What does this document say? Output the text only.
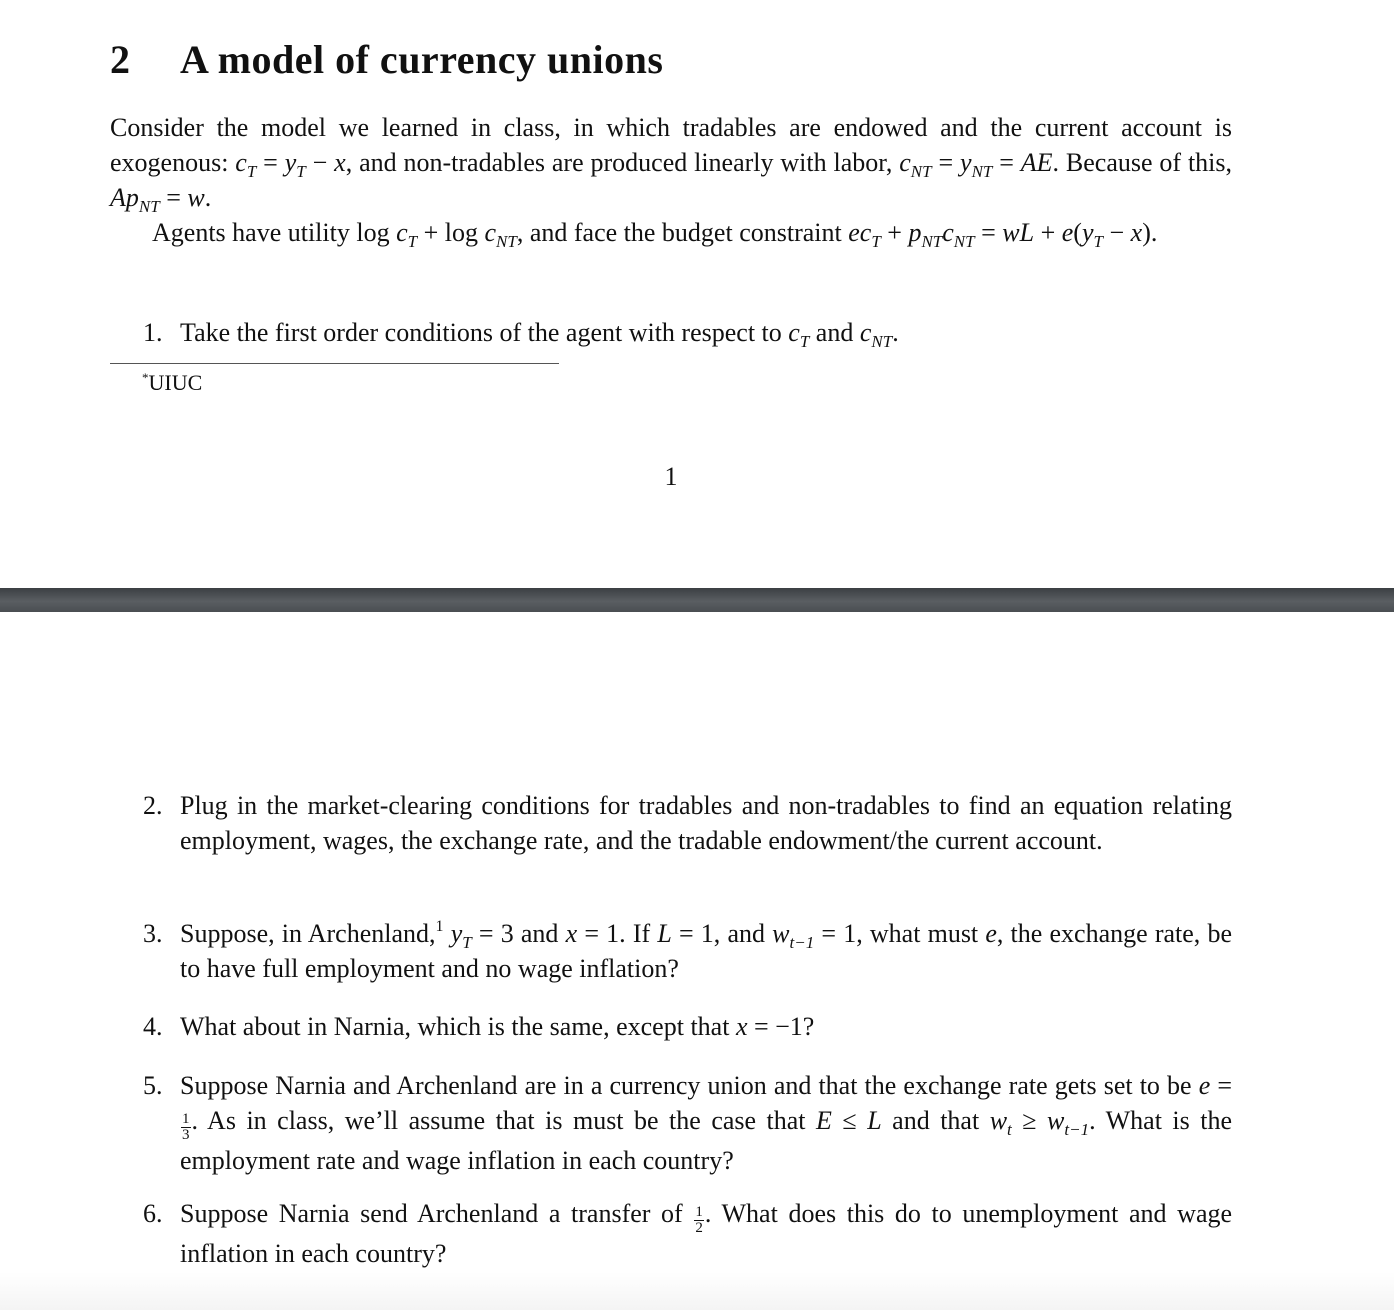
2 A model of currency unions

Consider the model we learned in class, in which tradables are endowed and the current account is exogenous: $c_T = y_T - x$, and non-tradables are produced linearly with labor, $c_{NT} = y_{NT}$ = AE. Because of this, $Ap_{NT} = w$.

Agents have utility $\log c_T + \log c_{NT}$, and face the budget constraint $ec_T + p_{NT}c_{NT}$ = wL + $e(y_T - x)$.

1. Take the first order conditions of the agent with respect to $c_T$ and $c_{NT}$.
*UIUC
1
2. Plug in the market-clearing conditions for tradables and non-tradables to find an equation relating employment, wages, the exchange rate, and the tradable endowment/the current account.
3. Suppose, in Archenland,$^1$ $y_T = 3$ and x = 1. If L = 1, and $w_{t-1} = 1$, what must e, the exchange rate, be to have full employment and no wage inflation?
4. What about in Narnia, which is the same, except that x = −1?
5. Suppose Narnia and Archenland are in a currency union and that the exchange rate gets set to be e =
$\frac{1}{3}$ . As in class, we’ll assume that is must be the case that E ≤ L and that $w_t \ge w_{t-1}$. What is the employment rate and wage inflation in each country?
6. Suppose Narnia send Archenland a transfer of $\frac{1}{2}$ . What does this do to unemployment and wage inflation in each country?
